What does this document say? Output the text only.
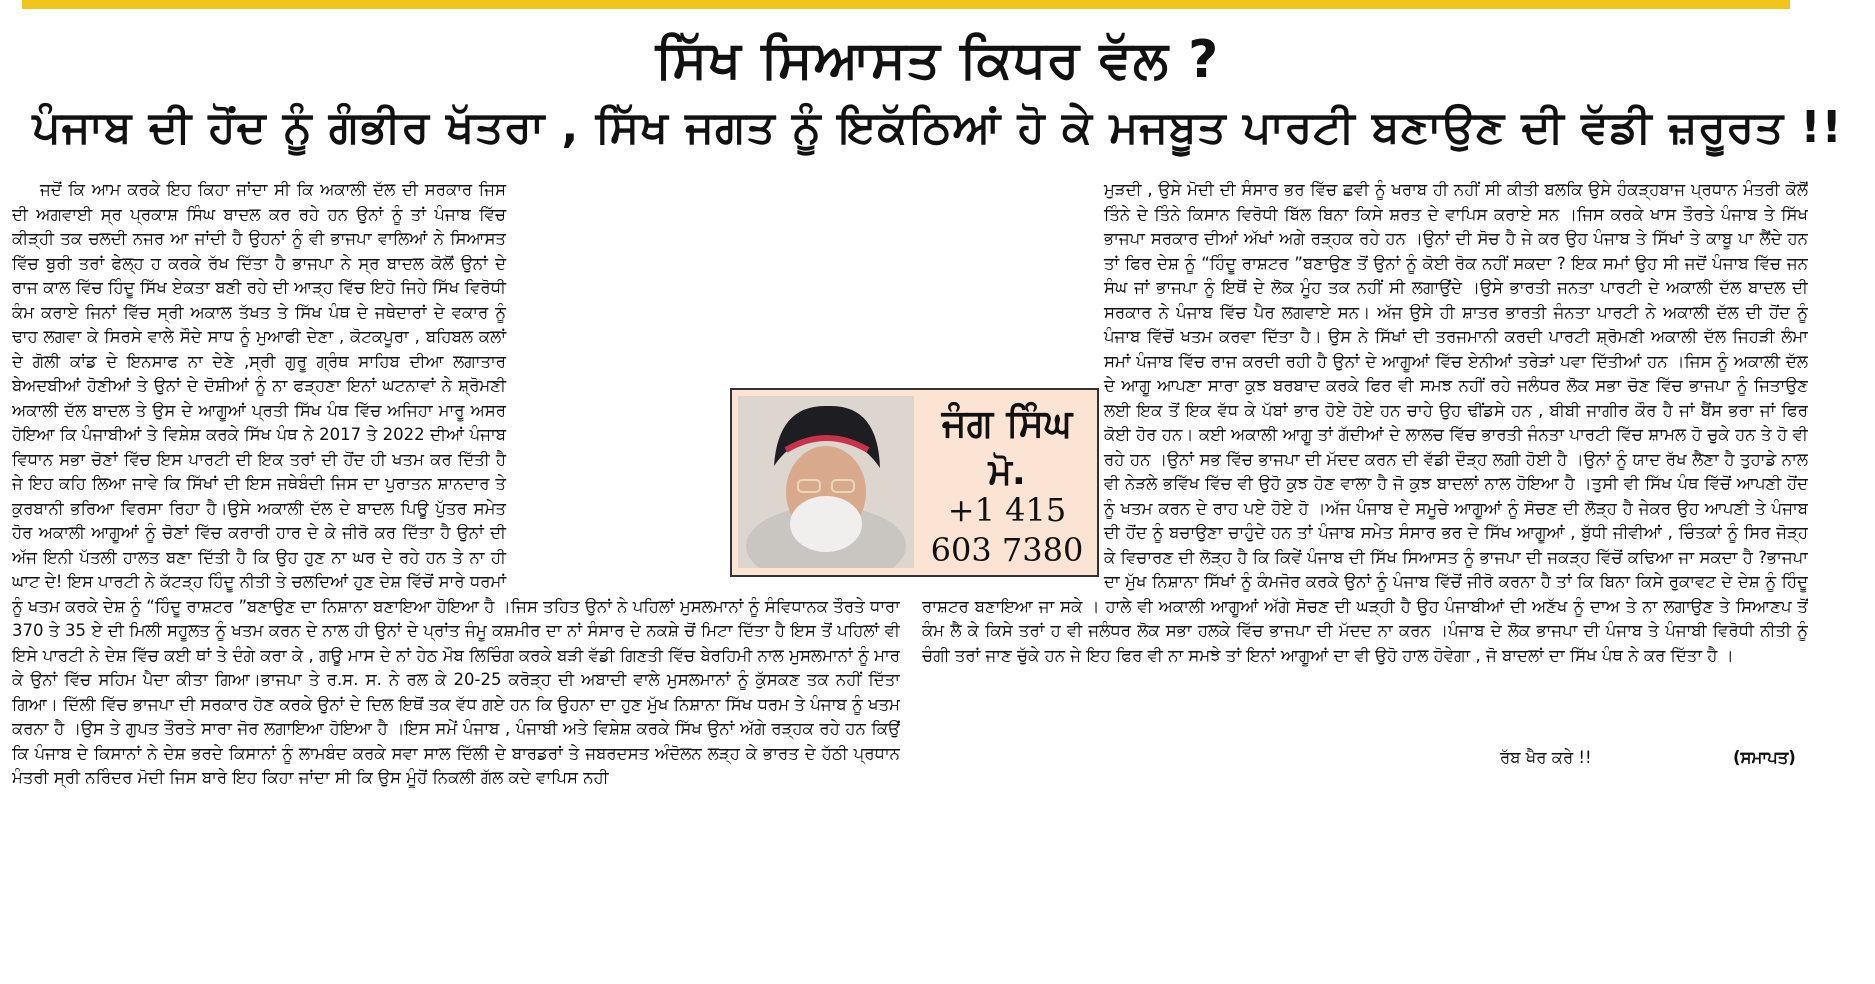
ਸਿੱਖ ਸਿਆਸਤ ਕਿਧਰ ਵੱਲ ?
ਪੰਜਾਬ ਦੀ ਹੋਂਦ ਨੂੰ ਗੰਭੀਰ ਖੱਤਰਾ , ਸਿੱਖ ਜਗਤ ਨੂੰ ਇਕੱਠਿਆਂ ਹੋ ਕੇ ਮਜਬੂਤ ਪਾਰਟੀ ਬਣਾਉਣ ਦੀ ਵੱਡੀ ਜ਼ਰੂਰਤ !!

ਜਦੋਂ ਕਿ ਆਮ ਕਰਕੇ ਇਹ ਕਿਹਾ ਜਾਂਦਾ ਸੀ ਕਿ ਅਕਾਲੀ ਦੱਲ ਦੀ ਸਰਕਾਰ ਜਿਸ ਦੀ ਅਗਵਾਈ ਸ੍ਰ ਪ੍ਰਕਾਸ਼ ਸਿੰਘ ਬਾਦਲ ਕਰ ਰਹੇ ਹਨ ਉਨਾਂ ਨੂੰ ਤਾਂ ਪੰਜਾਬ ਵਿੱਚ ਕੀੜ੍ਹੀ ਤਕ ਚਲਦੀ ਨਜਰ ਆ ਜਾਂਦੀ ਹੈ ਉਹਨਾਂ ਨੂੰ ਵੀ ਭਾਜਪਾ ਵਾਲਿਆਂ ਨੇ ਸਿਆਸਤ ਵਿੱਚ ਬੁਰੀ ਤਰਾਂ ਫੇਲ੍ਹ ਹ ਕਰਕੇ ਰੱਖ ਦਿੱਤਾ ਹੈ ਭਾਜਪਾ ਨੇ ਸ੍ਰ ਬਾਦਲ ਕੋਲੋਂ ਉਨਾਂ ਦੇ ਰਾਜ ਕਾਲ ਵਿੱਚ ਹਿੰਦੂ ਸਿੱਖ ਏਕਤਾ ਬਣੀ ਰਹੇ ਦੀ ਆੜ੍ਹ ਵਿੱਚ ਇਹੋ ਜਿਹੇ ਸਿੱਖ ਵਿਰੋਧੀ ਕੰਮ ਕਰਾਏ ਜਿਨਾਂ ਵਿੱਚ ਸ੍ਰੀ ਅਕਾਲ ਤੱਖਤ ਤੇ ਸਿੱਖ ਪੰਥ ਦੇ ਜਥੇਦਾਰਾਂ ਦੇ ਵਕਾਰ ਨੂੰ ਢਾਹ ਲਗਵਾ ਕੇ ਸਿਰਸੇ ਵਾਲੇ ਸੌਦੇ ਸਾਧ ਨੂੰ ਮੁਆਫੀ ਦੇਣਾ , ਕੋਟਕਪੂਰਾ , ਬਹਿਬਲ ਕਲਾਂ ਦੇ ਗੋਲੀ ਕਾਂਡ ਦੇ ਇਨਸਾਫ ਨਾ ਦੇਣੇ ,ਸ੍ਰੀ ਗੁਰੂ ਗ੍ਰੰਥ ਸਾਹਿਬ ਦੀਆ ਲਗਾਤਾਰ ਬੇਅਦਬੀਆਂ ਹੋਣੀਆਂ ਤੇ ਉਨਾਂ ਦੇ ਦੋਸ਼ੀਆਂ ਨੂੰ ਨਾ ਫੜ੍ਹਣਾ ਇਨਾਂ ਘਟਨਾਵਾਂ ਨੇ ਸ਼੍ਰੋਮਣੀ ਅਕਾਲੀ ਦੱਲ ਬਾਦਲ ਤੇ ਉਸ ਦੇ ਆਗੂਆਂ ਪ੍ਰਤੀ ਸਿੱਖ ਪੰਥ ਵਿੱਚ ਅਜਿਹਾ ਮਾਰੂ ਅਸਰ ਹੋਇਆ ਕਿ ਪੰਜਾਬੀਆਂ ਤੇ ਵਿਸ਼ੇਸ਼ ਕਰਕੇ ਸਿੱਖ ਪੰਥ ਨੇ 2017 ਤੇ 2022 ਦੀਆਂ ਪੰਜਾਬ ਵਿਧਾਨ ਸਭਾ ਚੋਣਾਂ ਵਿੱਚ ਇਸ ਪਾਰਟੀ ਦੀ ਇਕ ਤਰਾਂ ਦੀ ਹੋਂਦ ਹੀ ਖਤਮ ਕਰ ਦਿੱਤੀ ਹੈ ਜੇ ਇਹ ਕਹਿ ਲਿਆ ਜਾਵੇ ਕਿ ਸਿੱਖਾਂ ਦੀ ਇਸ ਜਥੇਬੰਦੀ ਜਿਸ ਦਾ ਪੁਰਾਤਨ ਸ਼ਾਨਦਾਰ ਤੇ ਕੁਰਬਾਨੀ ਭਰਿਆ ਵਿਰਸਾ ਰਿਹਾ ਹੈ।ਉਸੇ ਅਕਾਲੀ ਦੱਲ ਦੇ ਬਾਦਲ ਪਿਊ ਪੁੱਤਰ ਸਮੇਤ ਹੋਰ ਅਕਾਲੀ ਆਗੂਆਂ ਨੂੰ ਚੋਣਾਂ ਵਿੱਚ ਕਰਾਰੀ ਹਾਰ ਦੇ ਕੇ ਜੀਰੋ ਕਰ ਦਿੱਤਾ ਹੈ ਉਨਾਂ ਦੀ ਅੱਜ ਇਨੀ ਪੱਤਲੀ ਹਾਲਤ ਬਣਾ ਦਿੱਤੀ ਹੈ ਕਿ ਉਹ ਹੁਣ ਨਾ ਘਰ ਦੇ ਰਹੇ ਹਨ ਤੇ ਨਾ ਹੀ ਘਾਟ ਦੇ! ਇਸ ਪਾਰਟੀ ਨੇ ਕੱਟੜ੍ਹ ਹਿੰਦੂ ਨੀਤੀ ਤੇ ਚਲਦਿਆਂ ਹੁਣ ਦੇਸ਼ ਵਿੱਚੋਂ ਸਾਰੇ ਧਰਮਾਂ ਨੂੰ ਖਤਮ ਕਰਕੇ ਦੇਸ਼ ਨੂੰ “ਹਿੰਦੂ ਰਾਸ਼ਟਰ ”ਬਣਾਉਣ ਦਾ ਨਿਸ਼ਾਨਾ ਬਣਾਇਆ ਹੋਇਆ ਹੈ ।ਜਿਸ ਤਹਿਤ ਉਨਾਂ ਨੇ ਪਹਿਲਾਂ ਮੁਸਲਮਾਨਾਂ ਨੂੰ ਸੰਵਿਧਾਨਕ ਤੌਰਤੇ ਧਾਰਾ 370 ਤੇ 35 ਏ ਦੀ ਮਿਲੀ ਸਹੂਲਤ ਨੂੰ ਖਤਮ ਕਰਨ ਦੇ ਨਾਲ ਹੀ ਉਨਾਂ ਦੇ ਪ੍ਰਾਂਤ ਜੰਮੂ ਕਸ਼ਮੀਰ ਦਾ ਨਾਂ ਸੰਸਾਰ ਦੇ ਨਕਸ਼ੇ ਚੋਂ ਮਿਟਾ ਦਿੱਤਾ ਹੈ ਇਸ ਤੋਂ ਪਹਿਲਾਂ ਵੀ ਇਸੇ ਪਾਰਟੀ ਨੇ ਦੇਸ਼ ਵਿੱਚ ਕਈ ਥਾਂ ਤੇ ਦੰਗੇ ਕਰਾ ਕੇ , ਗਊ ਮਾਸ ਦੇ ਨਾਂ ਹੇਠ ਮੌਬ ਲਿਚਿੰਗ ਕਰਕੇ ਬੜੀ ਵੱਡੀ ਗਿਣਤੀ ਵਿੱਚ ਬੇਰਹਿਮੀ ਨਾਲ ਮੁਸਲਮਾਨਾਂ ਨੂੰ ਮਾਰ ਕੇ ਉਨਾਂ ਵਿੱਚ ਸਹਿਮ ਪੈਦਾ ਕੀਤਾ ਗਿਆ।ਭਾਜਪਾ ਤੇ ਰ.ਸ. ਸ. ਨੇ ਰਲ ਕੇ 20-25 ਕਰੋੜ੍ਹ ਦੀ ਅਬਾਦੀ ਵਾਲੇ ਮੁਸਲਮਾਨਾਂ ਨੂੰ ਕੁੱਸਕਣ ਤਕ ਨਹੀਂ ਦਿੱਤਾ ਗਿਆ। ਦਿੱਲੀ ਵਿੱਚ ਭਾਜਪਾ ਦੀ ਸਰਕਾਰ ਹੋਣ ਕਰਕੇ ਉਨਾਂ ਦੇ ਦਿਲ ਇਥੋਂ ਤਕ ਵੱਧ ਗਏ ਹਨ ਕਿ ਉਹਨਾ ਦਾ ਹੁਣ ਮੁੱਖ ਨਿਸ਼ਾਨਾ ਸਿੱਖ ਧਰਮ ਤੇ ਪੰਜਾਬ ਨੂੰ ਖਤਮ ਕਰਨਾ ਹੈ ।ਉਸ ਤੇ ਗੁਪਤ ਤੌਰਤੇ ਸਾਰਾ ਜੋਰ ਲਗਾਇਆ ਹੋਇਆ ਹੈ ।ਇਸ ਸਮੇਂ ਪੰਜਾਬ , ਪੰਜਾਬੀ ਅਤੇ ਵਿਸ਼ੇਸ਼ ਕਰਕੇ ਸਿੱਖ ਉਨਾਂ ਅੱਗੇ ਰੜ੍ਹਕ ਰਹੇ ਹਨ ਕਿਉਂ ਕਿ ਪੰਜਾਬ ਦੇ ਕਿਸਾਨਾਂ ਨੇ ਦੇਸ਼ ਭਰਦੇ ਕਿਸਾਨਾਂ ਨੂੰ ਲਾਮਬੰਦ ਕਰਕੇ ਸਵਾ ਸਾਲ ਦਿੱਲੀ ਦੇ ਬਾਰਡਰਾਂ ਤੇ ਜਬਰਦਸਤ ਅੰਦੋਲਨ ਲੜ੍ਹ ਕੇ ਭਾਰਤ ਦੇ ਹੱਠੀ ਪ੍ਰਧਾਨ ਮੰਤਰੀ ਸ੍ਰੀ ਨਰਿੰਦਰ ਮੋਦੀ ਜਿਸ ਬਾਰੇ ਇਹ ਕਿਹਾ ਜਾਂਦਾ ਸੀ ਕਿ ਉਸ ਮੂੰਹੋਂ ਨਿਕਲੀ ਗੱਲ ਕਦੇ ਵਾਪਿਸ ਨਹੀ

ਮੁੜਦੀ , ਉਸੇ ਮੋਦੀ ਦੀ ਸੰਸਾਰ ਭਰ ਵਿੱਚ ਛਵੀ ਨੂੰ ਖਰਾਬ ਹੀ ਨਹੀਂ ਸੀ ਕੀਤੀ ਬਲਕਿ ਉਸੇ ਹੰਕੜ੍ਹਬਾਜ ਪ੍ਰਧਾਨ ਮੰਤਰੀ ਕੋਲੋਂ ਤਿੰਨੇ ਦੇ ਤਿੰਨੇ ਕਿਸਾਨ ਵਿਰੋਧੀ ਬਿੱਲ ਬਿਨਾ ਕਿਸੇ ਸ਼ਰਤ ਦੇ ਵਾਪਿਸ ਕਰਾਏ ਸਨ ।ਜਿਸ ਕਰਕੇ ਖਾਸ ਤੌਰਤੇ ਪੰਜਾਬ ਤੇ ਸਿੱਖ ਭਾਜਪਾ ਸਰਕਾਰ ਦੀਆਂ ਅੱਖਾਂ ਅਗੇ ਰੜ੍ਹਕ ਰਹੇ ਹਨ ।ਉਨਾਂ ਦੀ ਸੋਚ ਹੈ ਜੇ ਕਰ ਉਹ ਪੰਜਾਬ ਤੇ ਸਿੱਖਾਂ ਤੇ ਕਾਬੂ ਪਾ ਲੈਂਦੇ ਹਨ ਤਾਂ ਫਿਰ ਦੇਸ਼ ਨੂੰ “ਹਿੰਦੂ ਰਾਸ਼ਟਰ ”ਬਣਾਉਣ ਤੋਂ ਉਨਾਂ ਨੂੰ ਕੋਈ ਰੋਕ ਨਹੀਂ ਸਕਦਾ ? ਇਕ ਸਮਾਂ ਉਹ ਸੀ ਜਦੋਂ ਪੰਜਾਬ ਵਿੱਚ ਜਨ ਸੰਘ ਜਾਂ ਭਾਜਪਾ ਨੂੰ ਇਥੋਂ ਦੇ ਲੋਕ ਮੂੰਹ ਤਕ ਨਹੀਂ ਸੀ ਲਗਾਉਂਦੇ ।ਉਸੇ ਭਾਰਤੀ ਜਨਤਾ ਪਾਰਟੀ ਦੇ ਅਕਾਲੀ ਦੱਲ ਬਾਦਲ ਦੀ ਸਰਕਾਰ ਨੇ ਪੰਜਾਬ ਵਿੱਚ ਪੈਰ ਲਗਵਾਏ ਸਨ। ਅੱਜ ਉਸੇ ਹੀ ਸ਼ਾਤਰ ਭਾਰਤੀ ਜੰਨਤਾ ਪਾਰਟੀ ਨੇ ਅਕਾਲੀ ਦੱਲ ਦੀ ਹੋਂਦ ਨੂੰ ਪੰਜਾਬ ਵਿੱਚੋਂ ਖਤਮ ਕਰਵਾ ਦਿੱਤਾ ਹੈ। ਉਸ ਨੇ ਸਿੱਖਾਂ ਦੀ ਤਰਜਮਾਨੀ ਕਰਦੀ ਪਾਰਟੀ ਸ਼੍ਰੋਮਣੀ ਅਕਾਲੀ ਦੱਲ ਜਿਹੜੀ ਲੰਮਾ ਸਮਾਂ ਪੰਜਾਬ ਵਿੱਚ ਰਾਜ ਕਰਦੀ ਰਹੀ ਹੈ ਉਨਾਂ ਦੇ ਆਗੂਆਂ ਵਿੱਚ ਏਨੀਆਂ ਤਰੇੜਾਂ ਪਵਾ ਦਿੱਤੀਆਂ ਹਨ ।ਜਿਸ ਨੂੰ ਅਕਾਲੀ ਦੱਲ ਦੇ ਆਗੂ ਆਪਣਾ ਸਾਰਾ ਕੁਝ ਬਰਬਾਦ ਕਰਕੇ ਫਿਰ ਵੀ ਸਮਝ ਨਹੀਂ ਰਹੇ ਜਲੰਧਰ ਲੋਕ ਸਭਾ ਚੋਣ ਵਿੱਚ ਭਾਜਪਾ ਨੂੰ ਜਿਤਾਉਣ ਲਈ ਇਕ ਤੋਂ ਇਕ ਵੱਧ ਕੇ ਪੱਬਾਂ ਭਾਰ ਹੋਏ ਹੋਏ ਹਨ ਚਾਹੇ ਉਹ ਢੀਂਡਸੇ ਹਨ , ਬੀਬੀ ਜਾਗੀਰ ਕੌਰ ਹੈ ਜਾਂ ਬੈਂਸ ਭਰਾ ਜਾਂ ਫਿਰ ਕੋਈ ਹੋਰ ਹਨ। ਕਈ ਅਕਾਲੀ ਆਗੂ ਤਾਂ ਗੱਦੀਆਂ ਦੇ ਲਾਲਚ ਵਿੱਚ ਭਾਰਤੀ ਜੰਨਤਾ ਪਾਰਟੀ ਵਿੱਚ ਸ਼ਾਮਲ ਹੋ ਚੁਕੇ ਹਨ ਤੇ ਹੋ ਵੀ ਰਹੇ ਹਨ ।ਉਨਾਂ ਸਭ ਵਿੱਚ ਭਾਜਪਾ ਦੀ ਮੱਦਦ ਕਰਨ ਦੀ ਵੱਡੀ ਦੌੜ੍ਹ ਲਗੀ ਹੋਈ ਹੈ ।ਉਨਾਂ ਨੂੰ ਯਾਦ ਰੱਖ ਲੈਣਾ ਹੈ ਤੁਹਾਡੇ ਨਾਲ ਵੀ ਨੇੜਲੇ ਭਵਿੱਖ ਵਿੱਚ ਵੀ ਉਹੋ ਕੁਝ ਹੋਣ ਵਾਲਾ ਹੈ ਜੋ ਕੁਝ ਬਾਦਲਾਂ ਨਾਲ ਹੋਇਆ ਹੈ ।ਤੁਸੀ ਵੀ ਸਿੱਖ ਪੰਥ ਵਿੱਚੋਂ ਆਪਣੀ ਹੋਂਦ ਨੂੰ ਖਤਮ ਕਰਨ ਦੇ ਰਾਹ ਪਏ ਹੋਏ ਹੋ ।ਅੱਜ ਪੰਜਾਬ ਦੇ ਸਮੂਚੇ ਆਗੂਆਂ ਨੂੰ ਸੋਚਣ ਦੀ ਲੋੜ੍ਹ ਹੈ ਜੇਕਰ ਉਹ ਆਪਣੀ ਤੇ ਪੰਜਾਬ ਦੀ ਹੋਂਦ ਨੂੰ ਬਚਾਉਣਾ ਚਾਹੁੰਦੇ ਹਨ ਤਾਂ ਪੰਜਾਬ ਸਮੇਤ ਸੰਸਾਰ ਭਰ ਦੇ ਸਿੱਖ ਆਗੂਆਂ , ਬੁੱਧੀ ਜੀਵੀਆਂ , ਚਿੰਤਕਾਂ ਨੂੰ ਸਿਰ ਜੋੜ੍ਹ ਕੇ ਵਿਚਾਰਣ ਦੀ ਲੋੜ੍ਹ ਹੈ ਕਿ ਕਿਵੇਂ ਪੰਜਾਬ ਦੀ ਸਿੱਖ ਸਿਆਸਤ ਨੂੰ ਭਾਜਪਾ ਦੀ ਜਕੜ੍ਹ ਵਿੱਚੋਂ ਕਢਿਆ ਜਾ ਸਕਦਾ ਹੈ ?ਭਾਜਪਾ ਦਾ ਮੁੱਖ ਨਿਸ਼ਾਨਾ ਸਿੱਖਾਂ ਨੂੰ ਕੰਮਜੋਰ ਕਰਕੇ ਉਨਾਂ ਨੂੰ ਪੰਜਾਬ ਵਿੱਚੋਂ ਜੀਰੋ ਕਰਨਾ ਹੈ ਤਾਂ ਕਿ ਬਿਨਾ ਕਿਸੇ ਰੁਕਾਵਟ ਦੇ ਦੇਸ਼ ਨੂੰ ਹਿੰਦੂ ਰਾਸ਼ਟਰ ਬਣਾਇਆ ਜਾ ਸਕੇ । ਹਾਲੇ ਵੀ ਅਕਾਲੀ ਆਗੂਆਂ ਅੱਗੇ ਸੋਚਣ ਦੀ ਘੜ੍ਹੀ ਹੈ ਉਹ ਪੰਜਾਬੀਆਂ ਦੀ ਅਣੱਖ ਨੂੰ ਦਾਅ ਤੇ ਨਾ ਲਗਾਉਣ ਤੇ ਸਿਆਣਪ ਤੋਂ ਕੰਮ ਲੈ ਕੇ ਕਿਸੇ ਤਰਾਂ ਹ ਵੀ ਜਲੰਧਰ ਲੋਕ ਸਭਾ ਹਲਕੇ ਵਿੱਚ ਭਾਜਪਾ ਦੀ ਮੱਦਦ ਨਾ ਕਰਨ ।ਪੰਜਾਬ ਦੇ ਲੋਕ ਭਾਜਪਾ ਦੀ ਪੰਜਾਬ ਤੇ ਪੰਜਾਬੀ ਵਿਰੋਧੀ ਨੀਤੀ ਨੂੰ ਚੰਗੀ ਤਰਾਂ ਜਾਣ ਚੁੱਕੇ ਹਨ ਜੇ ਇਹ ਫਿਰ ਵੀ ਨਾ ਸਮਝੇ ਤਾਂ ਇਨਾਂ ਆਗੂਆਂ ਦਾ ਵੀ ਉਹੋ ਹਾਲ ਹੋਵੇਗਾ , ਜੋ ਬਾਦਲਾਂ ਦਾ ਸਿੱਖ ਪੰਥ ਨੇ ਕਰ ਦਿੱਤਾ ਹੈ ।

ਜੰਗ ਸਿੰਘ
ਮੋ.
+1 415
603 7380
ਰੱਬ ਖੈਰ ਕਰੇ !!	(ਸਮਾਪਤ)
